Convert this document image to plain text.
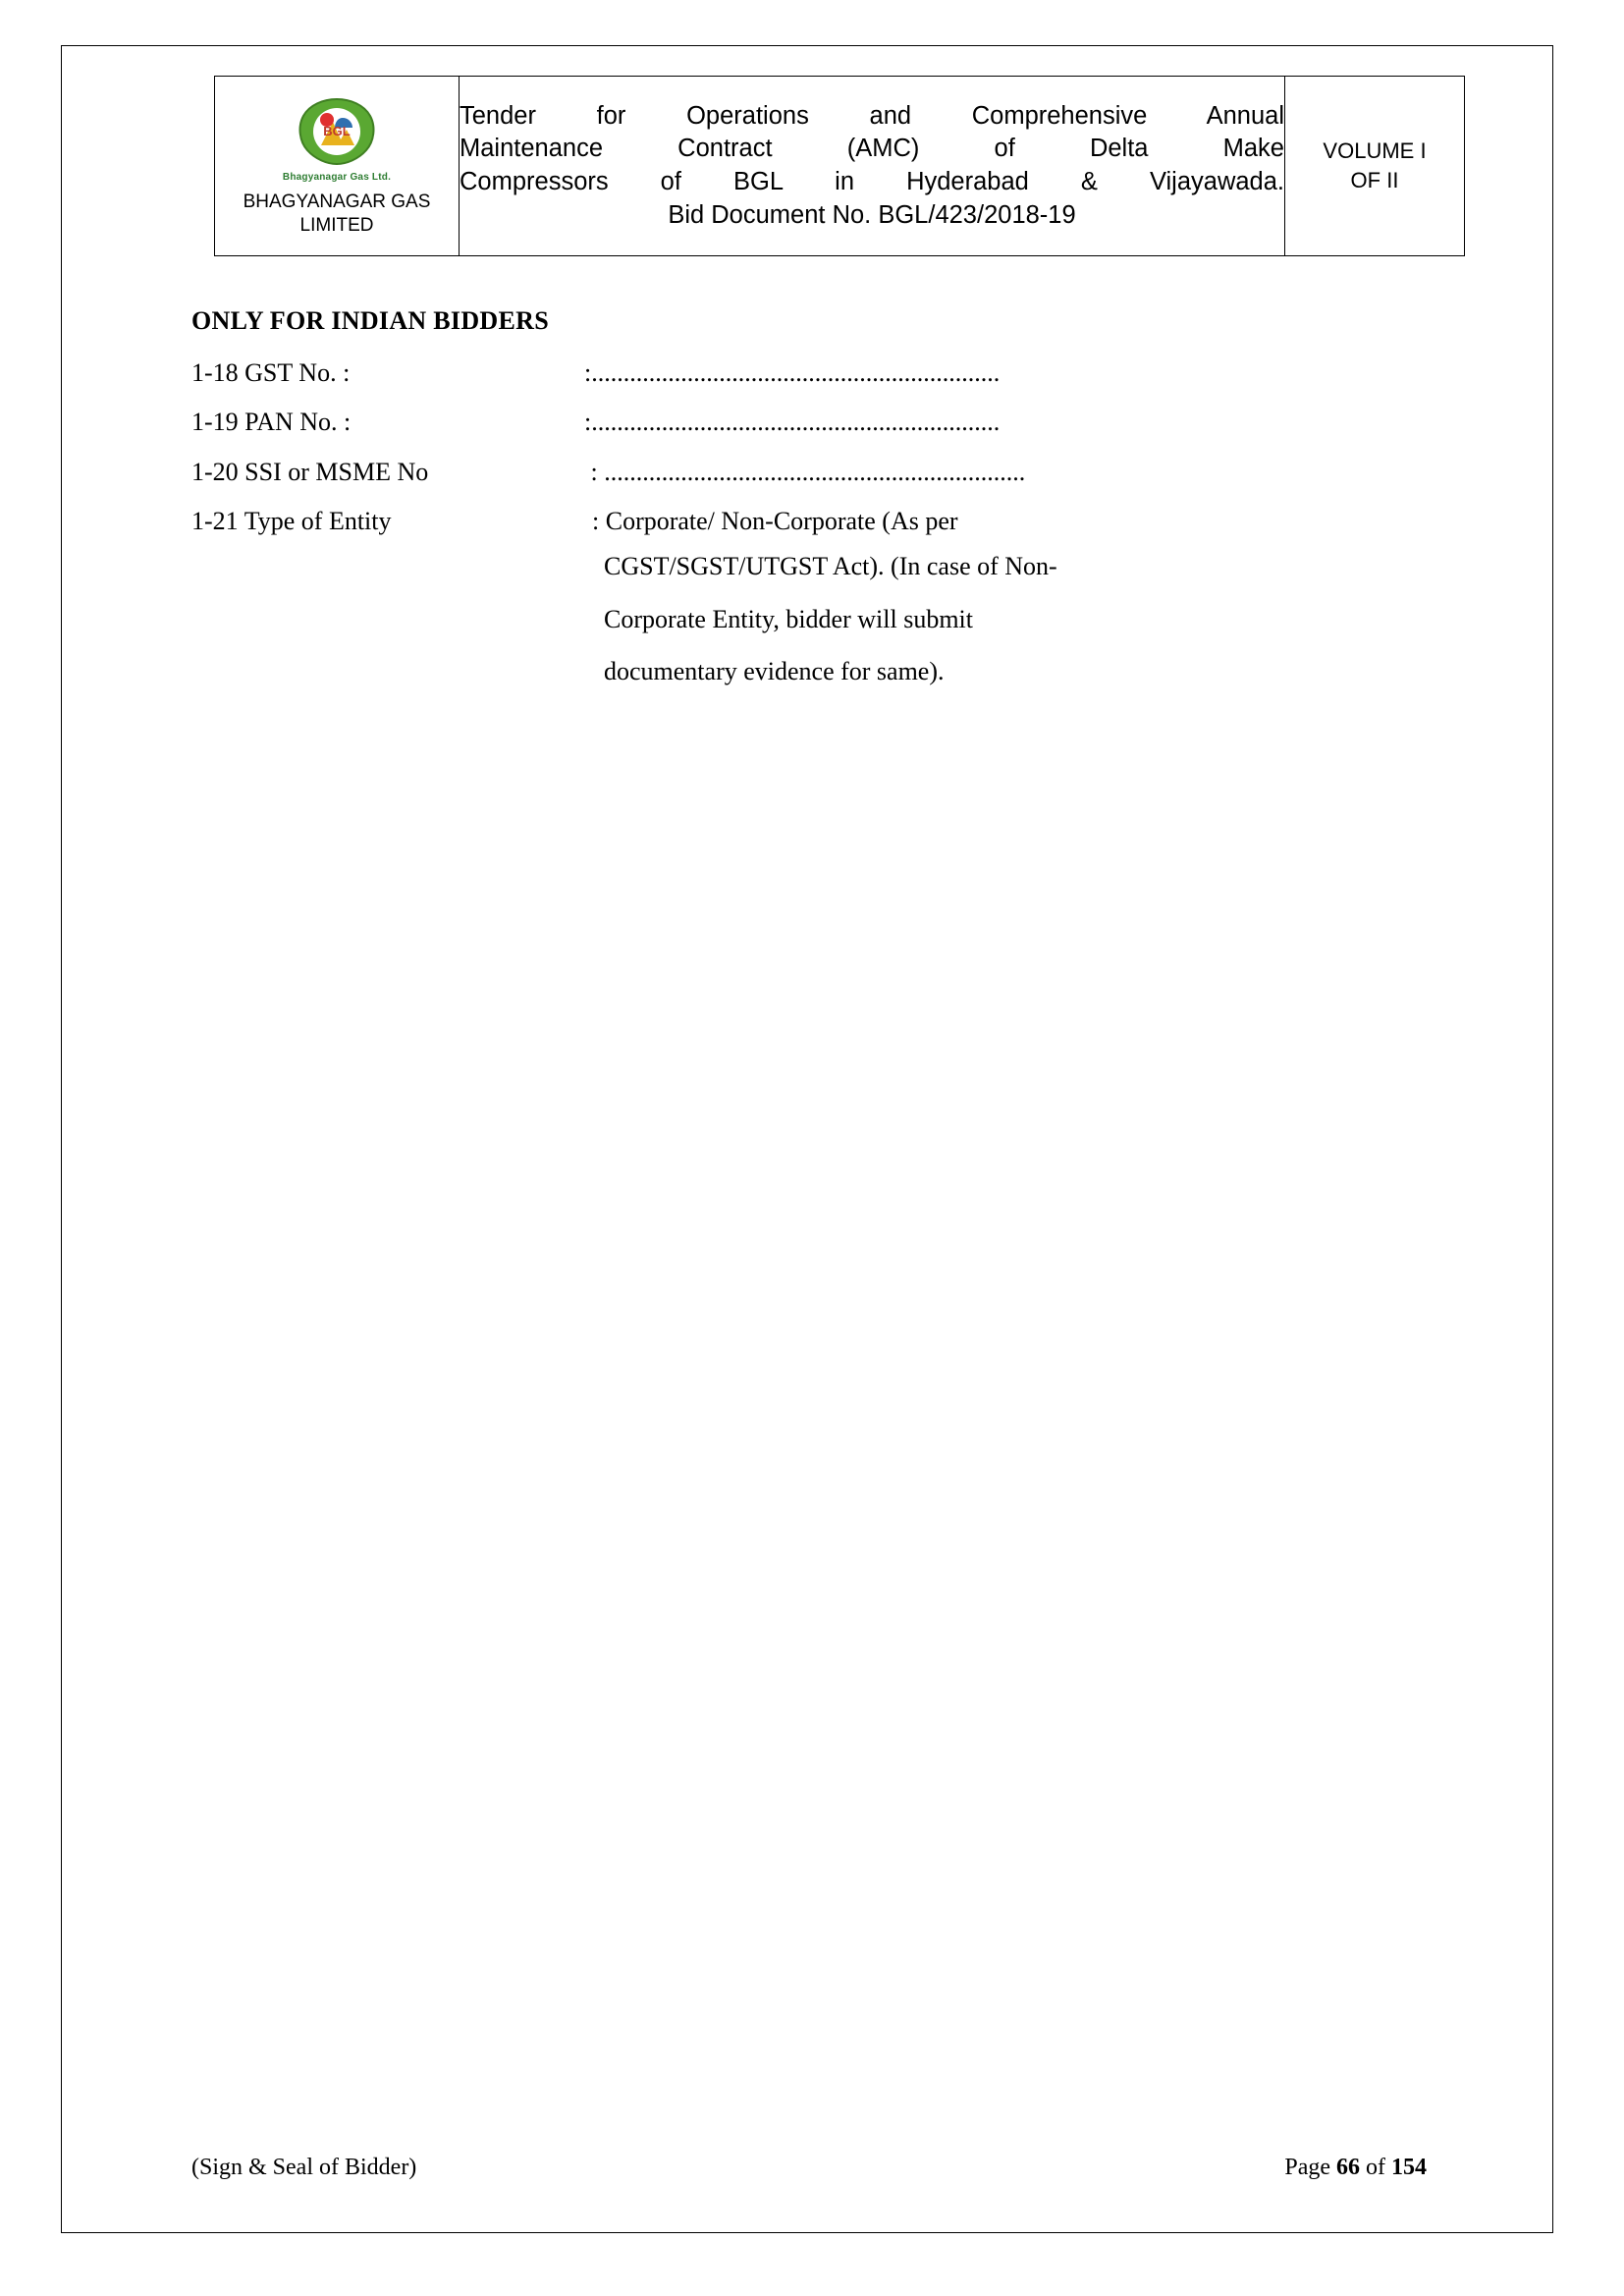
BGL
Bhagyanagar Gas Ltd.
BHAGYANAGAR GAS
LIMITED

Tender for Operations and Comprehensive Annual
Maintenance Contract (AMC) of Delta Make
Compressors of BGL in Hyderabad & Vijayawada.
Bid Document No. BGL/423/2018-19

VOLUME I
OF II
ONLY FOR INDIAN BIDDERS
1-18 GST No. :	:................................................................
1-19 PAN No. :	:................................................................
1-20 SSI or MSME No	: ..................................................................
1-21 Type of Entity	: Corporate/ Non-Corporate (As per
CGST/SGST/UTGST Act). (In case of Non-
Corporate Entity, bidder will submit
documentary evidence for same).
(Sign & Seal of Bidder)	Page 66 of 154
